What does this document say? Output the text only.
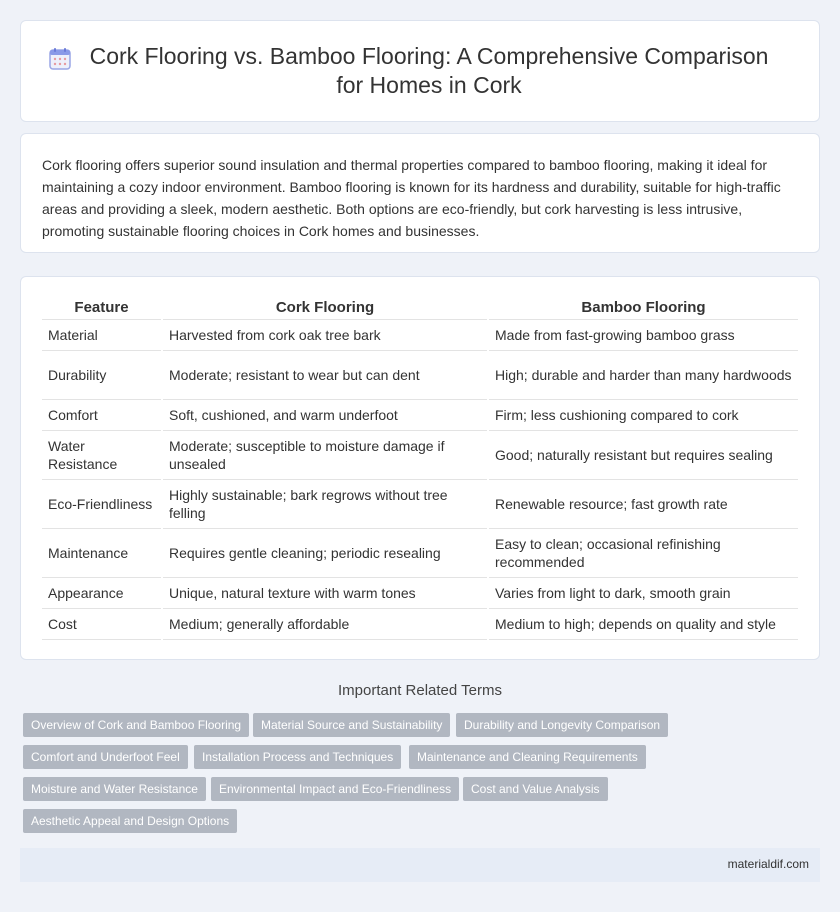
Cork Flooring vs. Bamboo Flooring: A Comprehensive Comparison for Homes in Cork

Cork flooring offers superior sound insulation and thermal properties compared to bamboo flooring, making it ideal for maintaining a cozy indoor environment. Bamboo flooring is known for its hardness and durability, suitable for high-traffic areas and providing a sleek, modern aesthetic. Both options are eco-friendly, but cork harvesting is less intrusive, promoting sustainable flooring choices in Cork homes and businesses.

Feature	Cork Flooring	Bamboo Flooring
Material	Harvested from cork oak tree bark	Made from fast-growing bamboo grass
Durability	Moderate; resistant to wear but can dent	High; durable and harder than many hardwoods
Comfort	Soft, cushioned, and warm underfoot	Firm; less cushioning compared to cork
Water Resistance	Moderate; susceptible to moisture damage if unsealed	Good; naturally resistant but requires sealing
Eco-Friendliness	Highly sustainable; bark regrows without tree felling	Renewable resource; fast growth rate
Maintenance	Requires gentle cleaning; periodic resealing	Easy to clean; occasional refinishing recommended
Appearance	Unique, natural texture with warm tones	Varies from light to dark, smooth grain
Cost	Medium; generally affordable	Medium to high; depends on quality and style
Important Related Terms
Overview of Cork and Bamboo Flooring	Material Source and Sustainability	Durability and Longevity Comparison
Comfort and Underfoot Feel	Installation Process and Techniques	Maintenance and Cleaning Requirements
Moisture and Water Resistance	Environmental Impact and Eco-Friendliness	Cost and Value Analysis
Aesthetic Appeal and Design Options
materialdif.com
